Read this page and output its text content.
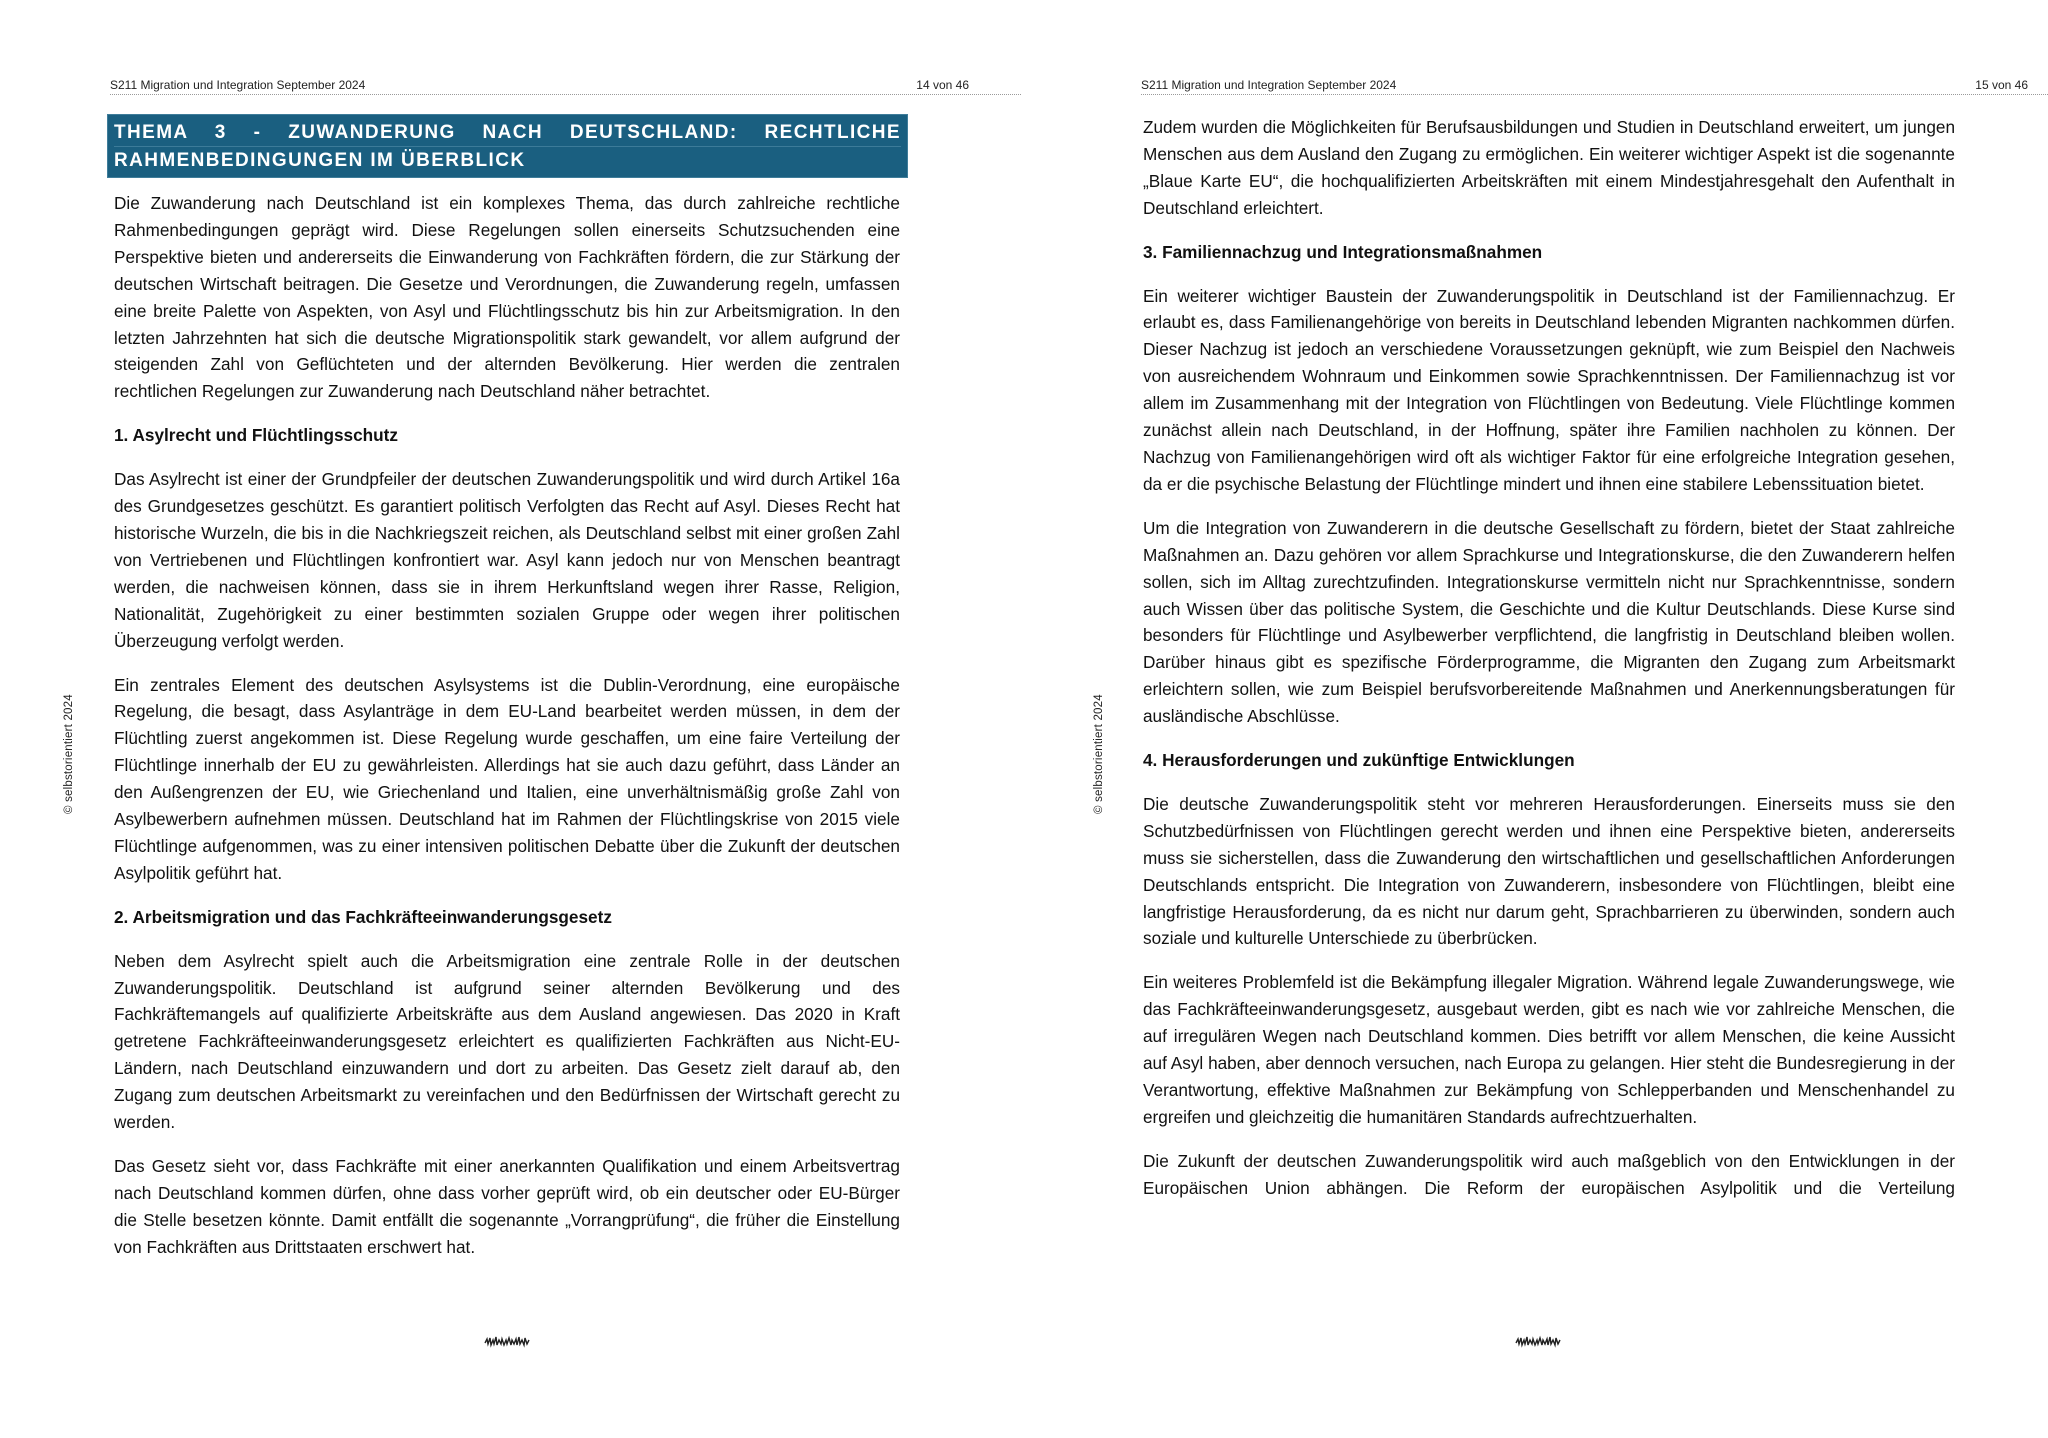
S211 Migration und Integration September 2024	14 von 46
© selbstorientiert 2024
THEMA 3 - ZUWANDERUNG NACH DEUTSCHLAND: RECHTLICHE
RAHMENBEDINGUNGEN IM ÜBERBLICK

Die Zuwanderung nach Deutschland ist ein komplexes Thema, das durch zahlreiche rechtliche Rahmenbedingungen geprägt wird. Diese Regelungen sollen einerseits Schutzsuchenden eine Perspektive bieten und andererseits die Einwanderung von Fachkräften fördern, die zur Stärkung der deutschen Wirtschaft beitragen. Die Gesetze und Verordnungen, die Zuwanderung regeln, umfassen eine breite Palette von Aspekten, von Asyl und Flüchtlingsschutz bis hin zur Arbeitsmigration. In den letzten Jahrzehnten hat sich die deutsche Migrationspolitik stark gewandelt, vor allem aufgrund der steigenden Zahl von Geflüchteten und der alternden Bevölkerung. Hier werden die zentralen rechtlichen Regelungen zur Zuwanderung nach Deutschland näher betrachtet.

1. Asylrecht und Flüchtlingsschutz

Das Asylrecht ist einer der Grundpfeiler der deutschen Zuwanderungspolitik und wird durch Artikel 16a des Grundgesetzes geschützt. Es garantiert politisch Verfolgten das Recht auf Asyl. Dieses Recht hat historische Wurzeln, die bis in die Nachkriegszeit reichen, als Deutschland selbst mit einer großen Zahl von Vertriebenen und Flüchtlingen konfrontiert war. Asyl kann jedoch nur von Menschen beantragt werden, die nachweisen können, dass sie in ihrem Herkunftsland wegen ihrer Rasse, Religion, Nationalität, Zugehörigkeit zu einer bestimmten sozialen Gruppe oder wegen ihrer politischen Überzeugung verfolgt werden.

Ein zentrales Element des deutschen Asylsystems ist die Dublin-Verordnung, eine europäische Regelung, die besagt, dass Asylanträge in dem EU-Land bearbeitet werden müssen, in dem der Flüchtling zuerst angekommen ist. Diese Regelung wurde geschaffen, um eine faire Verteilung der Flüchtlinge innerhalb der EU zu gewährleisten. Allerdings hat sie auch dazu geführt, dass Länder an den Außengrenzen der EU, wie Griechenland und Italien, eine unverhältnismäßig große Zahl von Asylbewerbern aufnehmen müssen. Deutschland hat im Rahmen der Flüchtlingskrise von 2015 viele Flüchtlinge aufgenommen, was zu einer intensiven politischen Debatte über die Zukunft der deutschen Asylpolitik geführt hat.

2. Arbeitsmigration und das Fachkräfteeinwanderungsgesetz

Neben dem Asylrecht spielt auch die Arbeitsmigration eine zentrale Rolle in der deutschen Zuwanderungspolitik. Deutschland ist aufgrund seiner alternden Bevölkerung und des Fachkräftemangels auf qualifizierte Arbeitskräfte aus dem Ausland angewiesen. Das 2020 in Kraft getretene Fachkräfteeinwanderungsgesetz erleichtert es qualifizierten Fachkräften aus Nicht-EU-Ländern, nach Deutschland einzuwandern und dort zu arbeiten. Das Gesetz zielt darauf ab, den Zugang zum deutschen Arbeitsmarkt zu vereinfachen und den Bedürfnissen der Wirtschaft gerecht zu werden.

Das Gesetz sieht vor, dass Fachkräfte mit einer anerkannten Qualifikation und einem Arbeitsvertrag nach Deutschland kommen dürfen, ohne dass vorher geprüft wird, ob ein deutscher oder EU-Bürger die Stelle besetzen könnte. Damit entfällt die sogenannte „Vorrangprüfung“, die früher die Einstellung von Fachkräften aus Drittstaaten erschwert hat.

S211 Migration und Integration September 2024	15 von 46
© selbstorientiert 2024

Zudem wurden die Möglichkeiten für Berufsausbildungen und Studien in Deutschland erweitert, um jungen Menschen aus dem Ausland den Zugang zu ermöglichen. Ein weiterer wichtiger Aspekt ist die sogenannte „Blaue Karte EU“, die hochqualifizierten Arbeitskräften mit einem Mindestjahresgehalt den Aufenthalt in Deutschland erleichtert.

3. Familiennachzug und Integrationsmaßnahmen

Ein weiterer wichtiger Baustein der Zuwanderungspolitik in Deutschland ist der Familiennachzug. Er erlaubt es, dass Familienangehörige von bereits in Deutschland lebenden Migranten nachkommen dürfen. Dieser Nachzug ist jedoch an verschiedene Voraussetzungen geknüpft, wie zum Beispiel den Nachweis von ausreichendem Wohnraum und Einkommen sowie Sprachkenntnissen. Der Familiennachzug ist vor allem im Zusammenhang mit der Integration von Flüchtlingen von Bedeutung. Viele Flüchtlinge kommen zunächst allein nach Deutschland, in der Hoffnung, später ihre Familien nachholen zu können. Der Nachzug von Familienangehörigen wird oft als wichtiger Faktor für eine erfolgreiche Integration gesehen, da er die psychische Belastung der Flüchtlinge mindert und ihnen eine stabilere Lebenssituation bietet.

Um die Integration von Zuwanderern in die deutsche Gesellschaft zu fördern, bietet der Staat zahlreiche Maßnahmen an. Dazu gehören vor allem Sprachkurse und Integrationskurse, die den Zuwanderern helfen sollen, sich im Alltag zurechtzufinden. Integrationskurse vermitteln nicht nur Sprachkenntnisse, sondern auch Wissen über das politische System, die Geschichte und die Kultur Deutschlands. Diese Kurse sind besonders für Flüchtlinge und Asylbewerber verpflichtend, die langfristig in Deutschland bleiben wollen. Darüber hinaus gibt es spezifische Förderprogramme, die Migranten den Zugang zum Arbeitsmarkt erleichtern sollen, wie zum Beispiel berufsvorbereitende Maßnahmen und Anerkennungsberatungen für ausländische Abschlüsse.

4. Herausforderungen und zukünftige Entwicklungen

Die deutsche Zuwanderungspolitik steht vor mehreren Herausforderungen. Einerseits muss sie den Schutzbedürfnissen von Flüchtlingen gerecht werden und ihnen eine Perspektive bieten, andererseits muss sie sicherstellen, dass die Zuwanderung den wirtschaftlichen und gesellschaftlichen Anforderungen Deutschlands entspricht. Die Integration von Zuwanderern, insbesondere von Flüchtlingen, bleibt eine langfristige Herausforderung, da es nicht nur darum geht, Sprachbarrieren zu überwinden, sondern auch soziale und kulturelle Unterschiede zu überbrücken.

Ein weiteres Problemfeld ist die Bekämpfung illegaler Migration. Während legale Zuwanderungswege, wie das Fachkräfteeinwanderungsgesetz, ausgebaut werden, gibt es nach wie vor zahlreiche Menschen, die auf irregulären Wegen nach Deutschland kommen. Dies betrifft vor allem Menschen, die keine Aussicht auf Asyl haben, aber dennoch versuchen, nach Europa zu gelangen. Hier steht die Bundesregierung in der Verantwortung, effektive Maßnahmen zur Bekämpfung von Schlepperbanden und Menschenhandel zu ergreifen und gleichzeitig die humanitären Standards aufrechtzuerhalten.

Die Zukunft der deutschen Zuwanderungspolitik wird auch maßgeblich von den Entwicklungen in der Europäischen Union abhängen. Die Reform der europäischen Asylpolitik und die Verteilung
